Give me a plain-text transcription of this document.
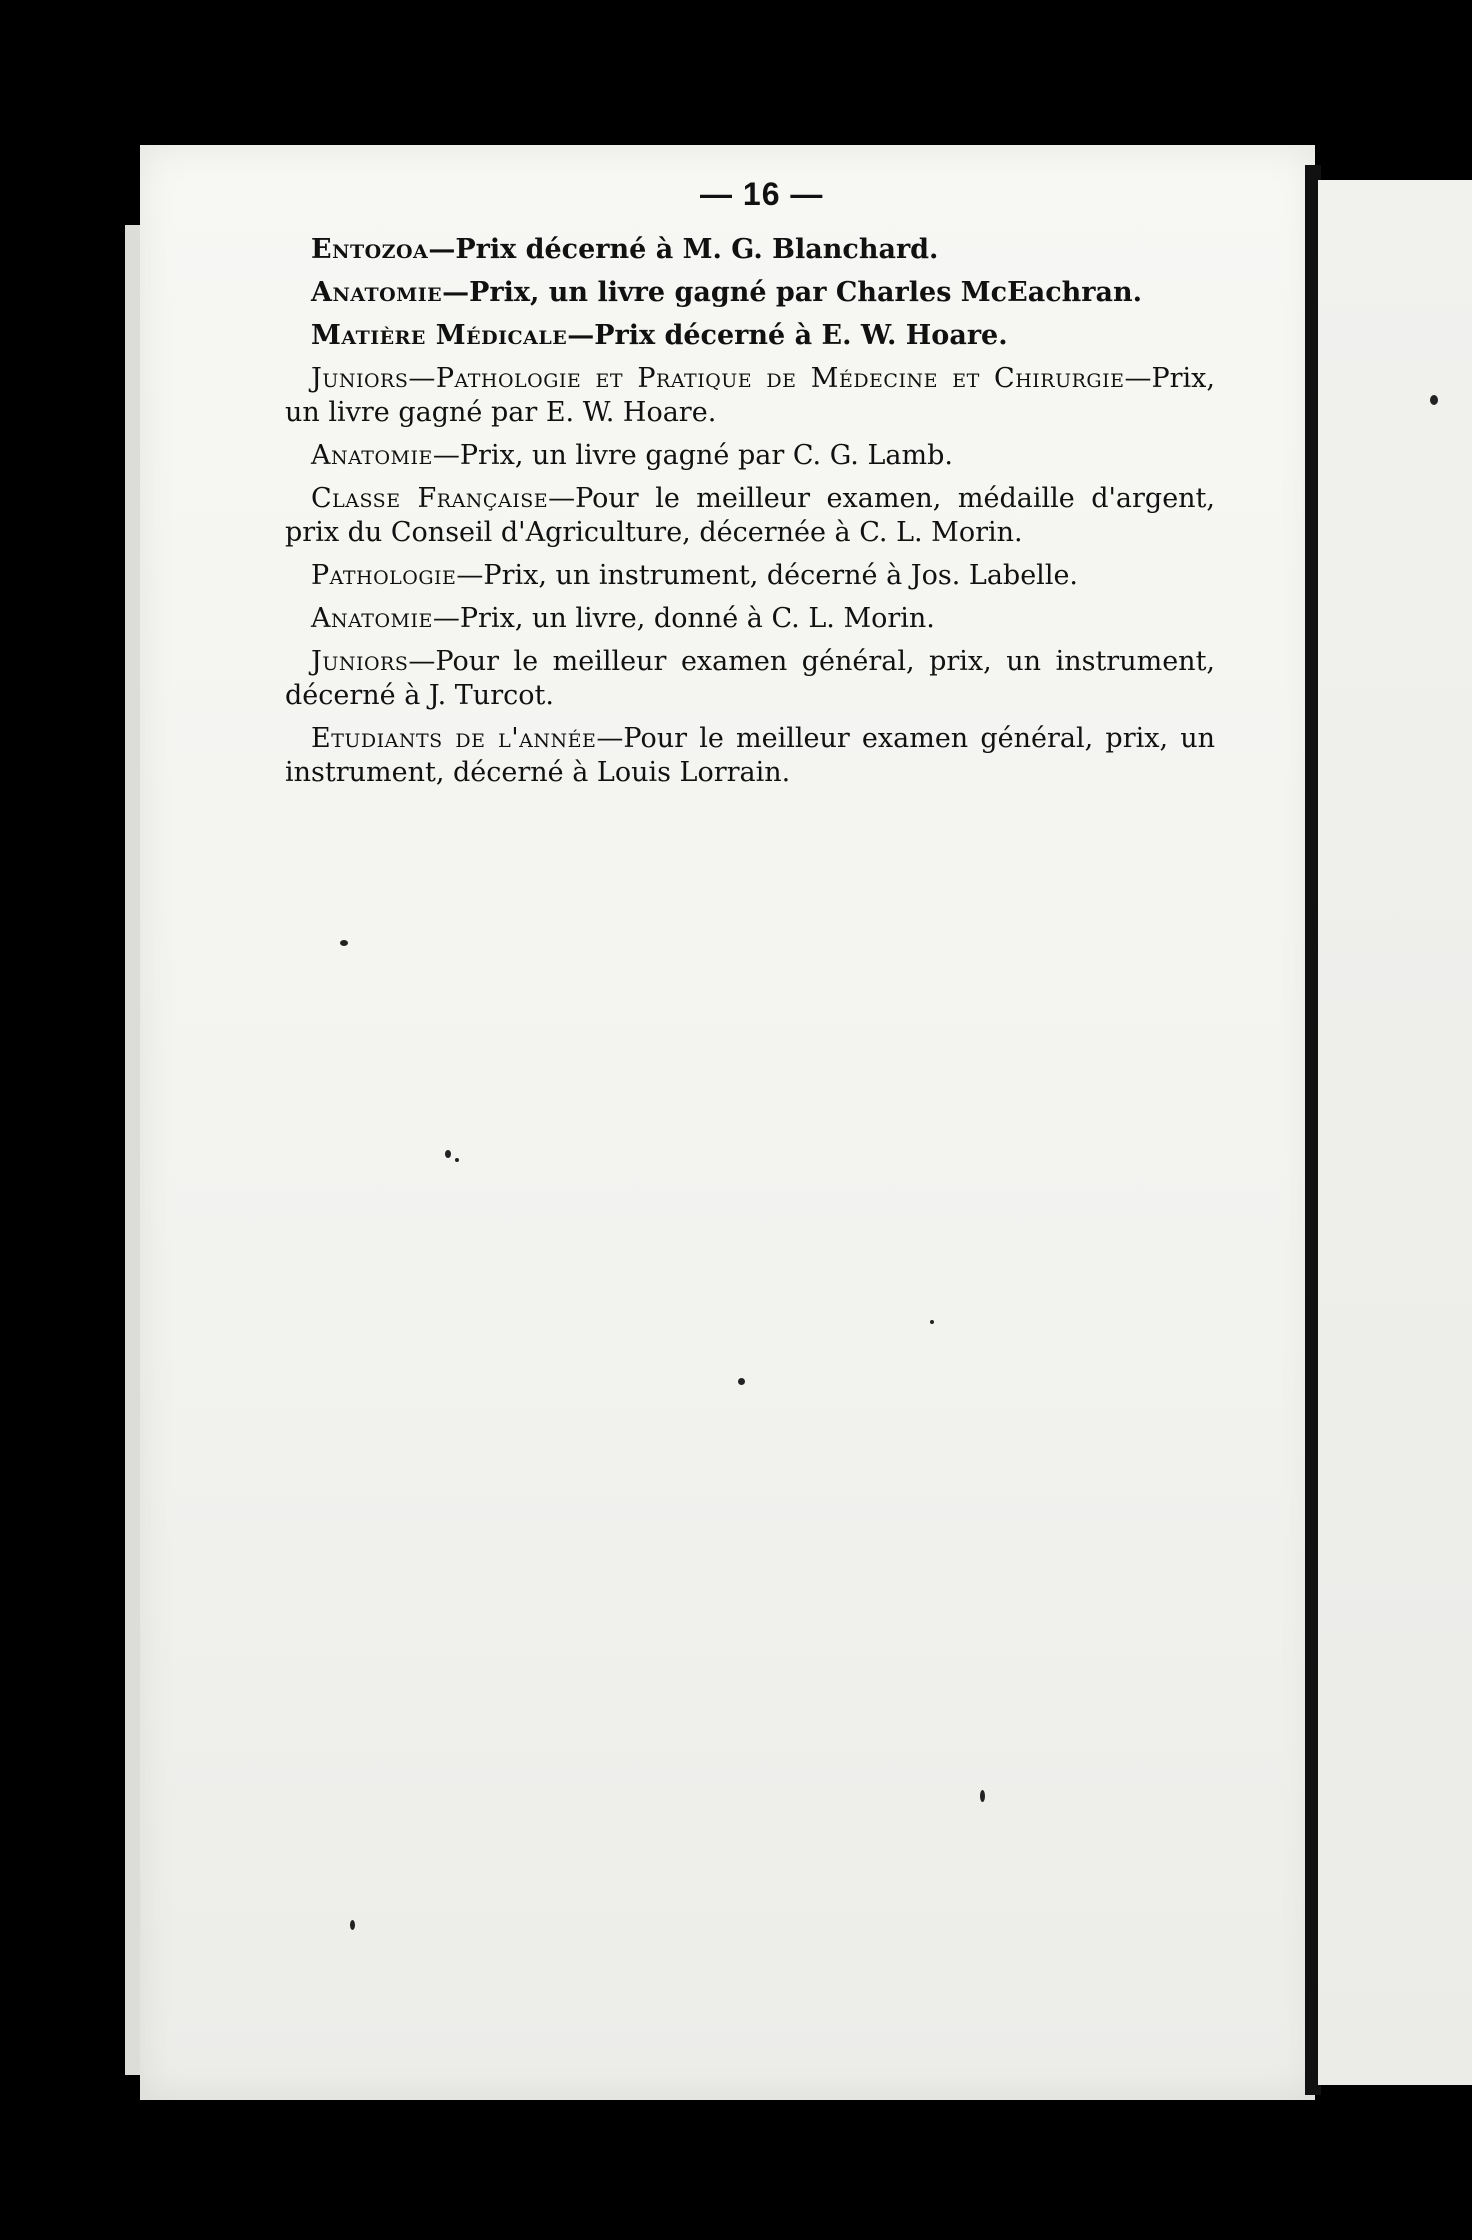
— 16 —

Entozoa—Prix décerné à M. G. Blanchard.

Anatomie—Prix, un livre gagné par Charles McEachran.

Matière Médicale—Prix décerné à E. W. Hoare.

Juniors—Pathologie et Pratique de Médecine et Chirurgie—Prix, un livre gagné par E. W. Hoare.

Anatomie—Prix, un livre gagné par C. G. Lamb.

Classe Française—Pour le meilleur examen, médaille d'argent, prix du Conseil d'Agriculture, décernée à C. L. Morin.

Pathologie—Prix, un instrument, décerné à Jos. Labelle.

Anatomie—Prix, un livre, donné à C. L. Morin.

Juniors—Pour le meilleur examen général, prix, un instrument, décerné à J. Turcot.

Etudiants de l'année—Pour le meilleur examen général, prix, un instrument, décerné à Louis Lorrain.
